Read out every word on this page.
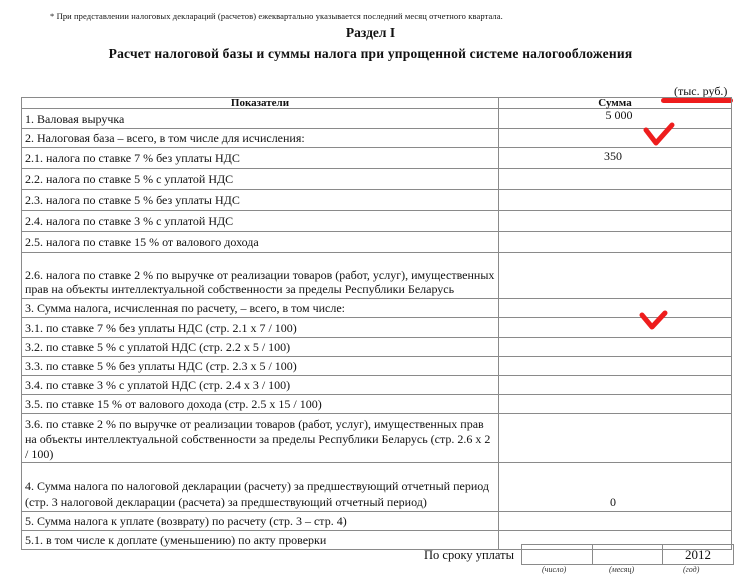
* При представлении налоговых деклараций (расчетов) ежеквартально указывается последний месяц отчетного квартала.
Раздел I
Расчет налоговой базы и суммы налога при упрощенной системе налогообложения
(тыс. руб.)
Показатели	Сумма
1. Валовая выручка	5 000
2. Налоговая база – всего, в том числе для исчисления:	
2.1. налога по ставке 7 % без уплаты НДС	350
2.2. налога по ставке 5 % с уплатой НДС	
2.3. налога по ставке 5 % без уплаты НДС	
2.4. налога по ставке 3 % с уплатой НДС	
2.5. налога по ставке 15 % от валового дохода	
2.6. налога по ставке 2 % по выручке от реализации товаров (работ, услуг), имущественных прав на объекты интеллектуальной собственности за пределы Республики Беларусь	
3. Сумма налога, исчисленная по расчету, – всего, в том числе:	
3.1. по ставке 7 % без уплаты НДС (стр. 2.1 х 7 / 100)	
3.2. по ставке 5 % с уплатой НДС (стр. 2.2 х 5 / 100)	
3.3. по ставке 5 % без уплаты НДС (стр. 2.3 х 5 / 100)	
3.4. по ставке 3 % с уплатой НДС (стр. 2.4 х 3 / 100)	
3.5. по ставке 15 % от валового дохода (стр. 2.5 х 15 / 100)	
3.6. по ставке 2 % по выручке от реализации товаров (работ, услуг), имущественных прав на объекты интеллектуальной собственности за пределы Республики Беларусь (стр. 2.6 х 2 / 100)	
4. Сумма налога по налоговой декларации (расчету) за предшествующий отчетный период (стр. 3 налоговой декларации (расчета) за предшествующий отчетный период)	0
5. Сумма налога к уплате (возврату) по расчету (стр. 3 – стр. 4)	
5.1. в том числе к доплате (уменьшению) по акту проверки	
По сроку уплаты
			2012
(число)	(месяц)	(год)
